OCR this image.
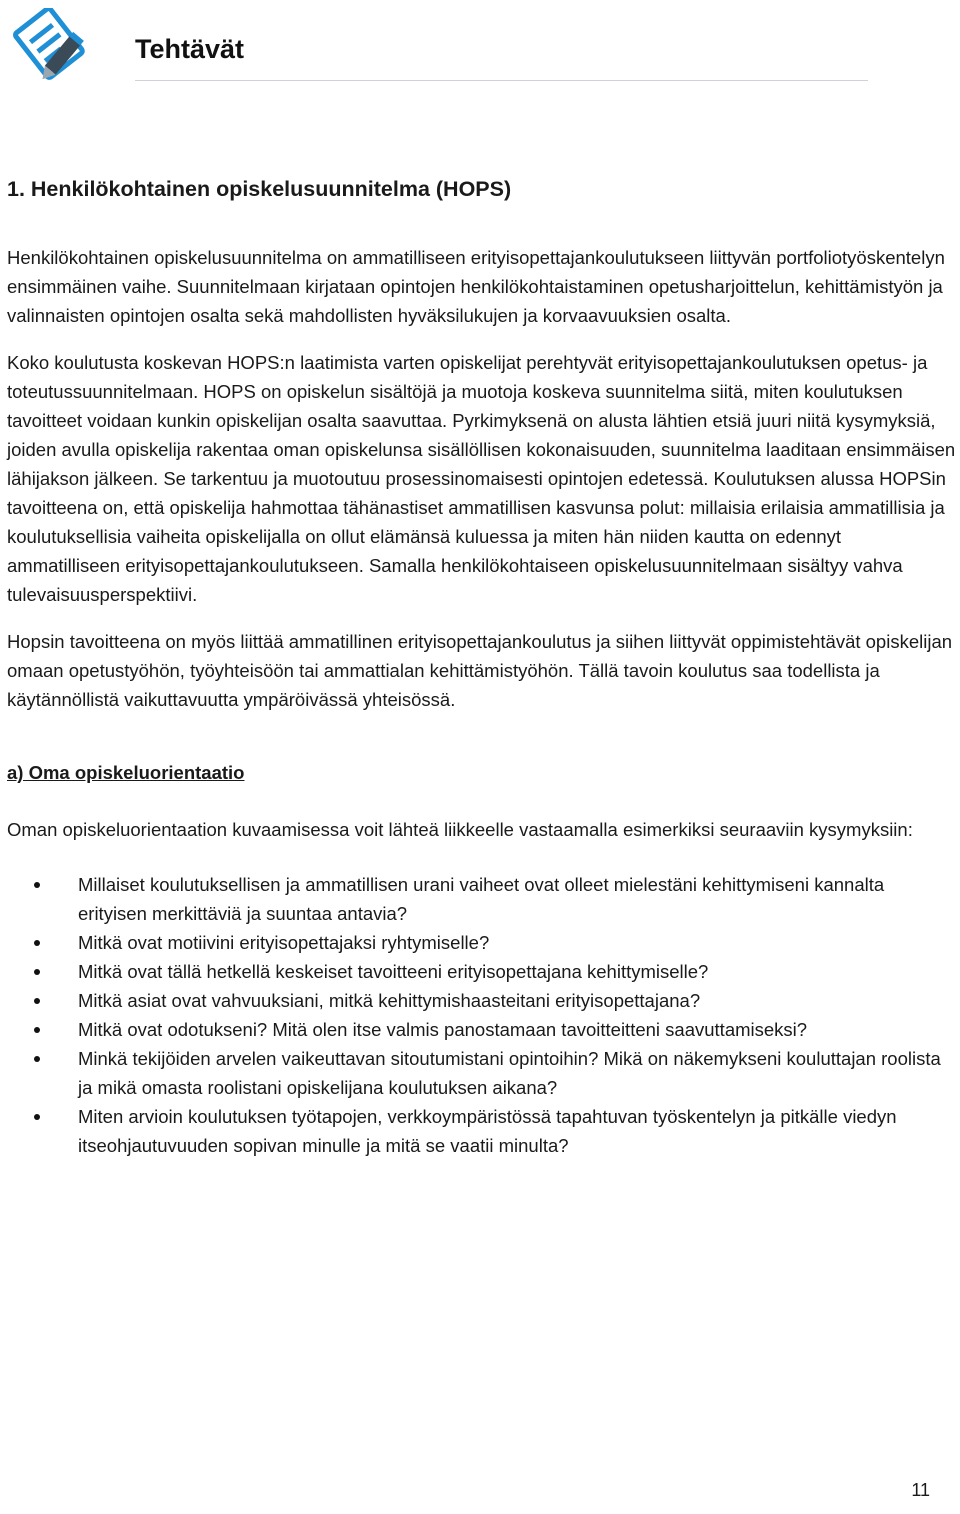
Tehtävät
1. Henkilökohtainen opiskelusuunnitelma (HOPS)
Henkilökohtainen opiskelusuunnitelma on ammatilliseen erityisopettajankoulutukseen liittyvän portfoliotyöskentelyn ensimmäinen vaihe. Suunnitelmaan kirjataan opintojen henkilökohtaistaminen opetusharjoittelun, kehittämistyön ja valinnaisten opintojen osalta sekä mahdollisten hyväksilukujen ja korvaavuuksien osalta.
Koko koulutusta koskevan HOPS:n laatimista varten opiskelijat perehtyvät erityisopettajankoulutuksen opetus- ja toteutussuunnitelmaan. HOPS on opiskelun sisältöjä ja muotoja koskeva suunnitelma siitä, miten koulutuksen tavoitteet voidaan kunkin opiskelijan osalta saavuttaa. Pyrkimyksenä on alusta lähtien etsiä juuri niitä kysymyksiä, joiden avulla opiskelija rakentaa oman opiskelunsa sisällöllisen kokonaisuuden, suunnitelma laaditaan ensimmäisen lähijakson jälkeen. Se tarkentuu ja muotoutuu prosessinomaisesti opintojen edetessä. Koulutuksen alussa HOPSin tavoitteena on, että opiskelija hahmottaa tähänastiset ammatillisen kasvunsa polut: millaisia erilaisia ammatillisia ja koulutuksellisia vaiheita opiskelijalla on ollut elämänsä kuluessa ja miten hän niiden kautta on edennyt ammatilliseen erityisopettajankoulutukseen. Samalla henkilökohtaiseen opiskelusuunnitelmaan sisältyy vahva tulevaisuusperspektiivi.
Hopsin tavoitteena on myös liittää ammatillinen erityisopettajankoulutus ja siihen liittyvät oppimistehtävät opiskelijan omaan opetustyöhön, työyhteisöön tai ammattialan kehittämistyöhön. Tällä tavoin koulutus saa todellista ja käytännöllistä vaikuttavuutta ympäröivässä yhteisössä.
a) Oma opiskeluorientaatio
Oman opiskeluorientaation kuvaamisessa voit lähteä liikkeelle vastaamalla esimerkiksi seuraaviin kysymyksiin:
Millaiset koulutuksellisen ja ammatillisen urani vaiheet ovat olleet mielestäni kehittymiseni kannalta erityisen merkittäviä ja suuntaa antavia?
Mitkä ovat motiivini erityisopettajaksi ryhtymiselle?
Mitkä ovat tällä hetkellä keskeiset tavoitteeni erityisopettajana kehittymiselle?
Mitkä asiat ovat vahvuuksiani, mitkä kehittymishaasteitani erityisopettajana?
Mitkä ovat odotukseni? Mitä olen itse valmis panostamaan tavoitteitteni saavuttamiseksi?
Minkä tekijöiden arvelen vaikeuttavan sitoutumistani opintoihin? Mikä on näkemykseni kouluttajan roolista ja mikä omasta roolistani opiskelijana koulutuksen aikana?
Miten arvioin koulutuksen työtapojen, verkkoympäristössä tapahtuvan työskentelyn ja pitkälle viedyn itseohjautuvuuden sopivan minulle ja mitä se vaatii minulta?
11
